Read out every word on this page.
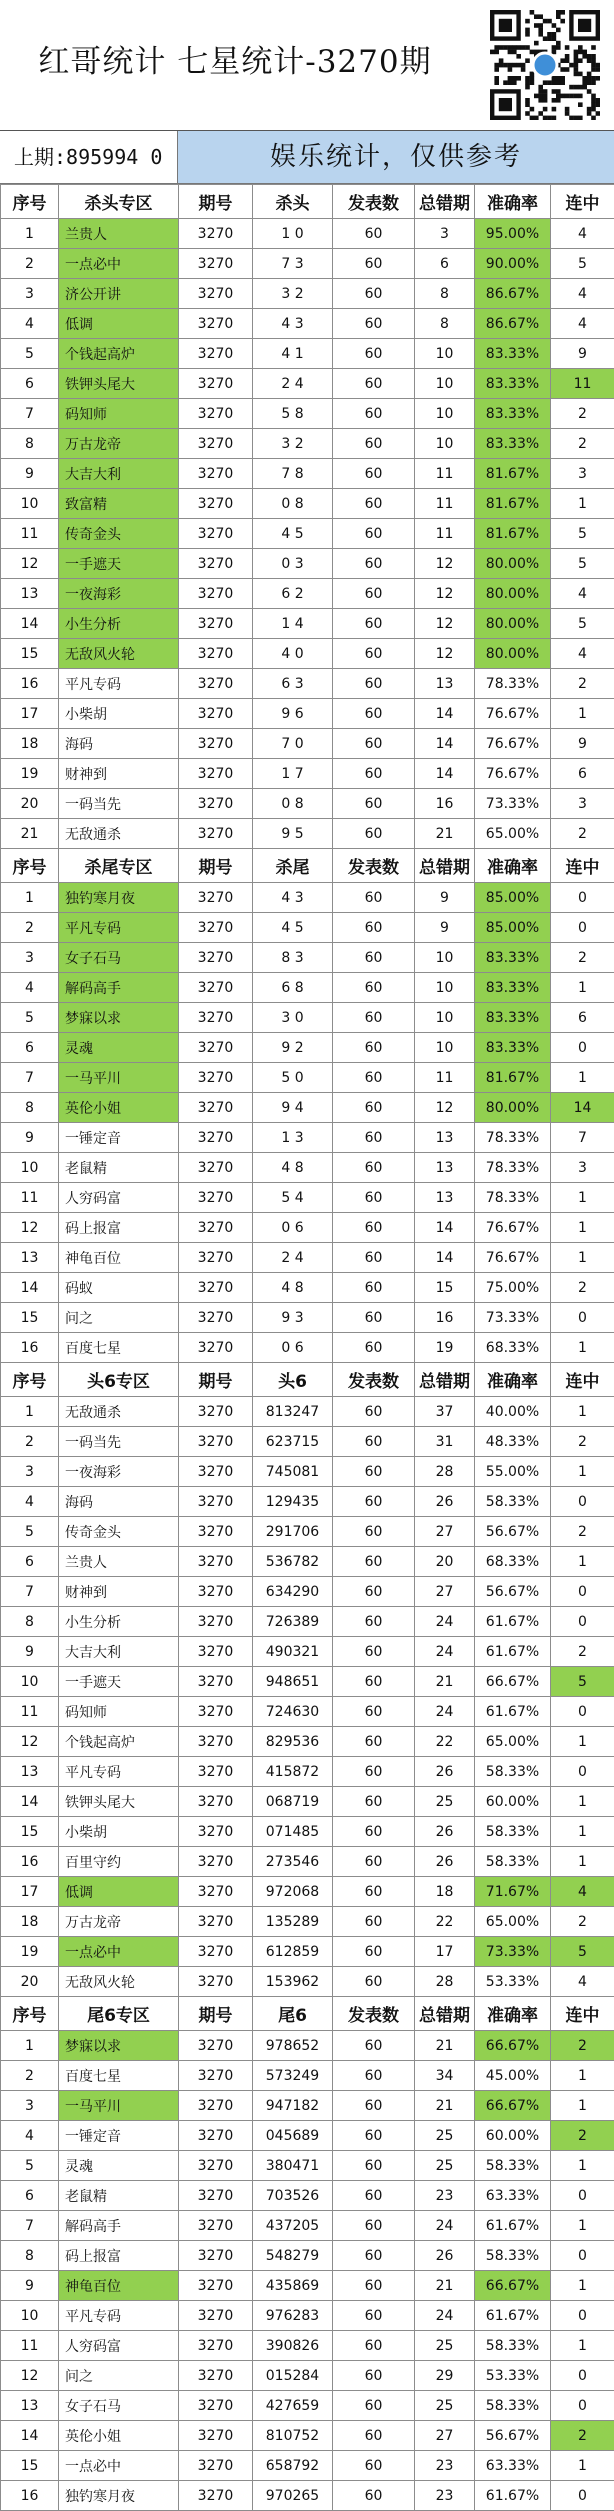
红哥统计 七星统计-3270期
上期:895994 0	娱乐统计，仅供参考
序号	杀头专区	期号	杀头	发表数	总错期	准确率	连中
1	兰贵人	3270	1 0	60	3	95.00%	4
2	一点必中	3270	7 3	60	6	90.00%	5
3	济公开讲	3270	3 2	60	8	86.67%	4
4	低调	3270	4 3	60	8	86.67%	4
5	个钱起高炉	3270	4 1	60	10	83.33%	9
6	铁钾头尾大	3270	2 4	60	10	83.33%	11
7	码知师	3270	5 8	60	10	83.33%	2
8	万古龙帝	3270	3 2	60	10	83.33%	2
9	大吉大利	3270	7 8	60	11	81.67%	3
10	致富精	3270	0 8	60	11	81.67%	1
11	传奇金头	3270	4 5	60	11	81.67%	5
12	一手遮天	3270	0 3	60	12	80.00%	5
13	一夜海彩	3270	6 2	60	12	80.00%	4
14	小生分析	3270	1 4	60	12	80.00%	5
15	无敌风火轮	3270	4 0	60	12	80.00%	4
16	平凡专码	3270	6 3	60	13	78.33%	2
17	小柴胡	3270	9 6	60	14	76.67%	1
18	海码	3270	7 0	60	14	76.67%	9
19	财神到	3270	1 7	60	14	76.67%	6
20	一码当先	3270	0 8	60	16	73.33%	3
21	无敌通杀	3270	9 5	60	21	65.00%	2
序号	杀尾专区	期号	杀尾	发表数	总错期	准确率	连中
1	独钓寒月夜	3270	4 3	60	9	85.00%	0
2	平凡专码	3270	4 5	60	9	85.00%	0
3	女子石马	3270	8 3	60	10	83.33%	2
4	解码高手	3270	6 8	60	10	83.33%	1
5	梦寐以求	3270	3 0	60	10	83.33%	6
6	灵魂	3270	9 2	60	10	83.33%	0
7	一马平川	3270	5 0	60	11	81.67%	1
8	英伦小姐	3270	9 4	60	12	80.00%	14
9	一锤定音	3270	1 3	60	13	78.33%	7
10	老鼠精	3270	4 8	60	13	78.33%	3
11	人穷码富	3270	5 4	60	13	78.33%	1
12	码上报富	3270	0 6	60	14	76.67%	1
13	神龟百位	3270	2 4	60	14	76.67%	1
14	码蚁	3270	4 8	60	15	75.00%	2
15	问之	3270	9 3	60	16	73.33%	0
16	百度七星	3270	0 6	60	19	68.33%	1
序号	头6专区	期号	头6	发表数	总错期	准确率	连中
1	无敌通杀	3270	813247	60	37	40.00%	1
2	一码当先	3270	623715	60	31	48.33%	2
3	一夜海彩	3270	745081	60	28	55.00%	1
4	海码	3270	129435	60	26	58.33%	0
5	传奇金头	3270	291706	60	27	56.67%	2
6	兰贵人	3270	536782	60	20	68.33%	1
7	财神到	3270	634290	60	27	56.67%	0
8	小生分析	3270	726389	60	24	61.67%	0
9	大吉大利	3270	490321	60	24	61.67%	2
10	一手遮天	3270	948651	60	21	66.67%	5
11	码知师	3270	724630	60	24	61.67%	0
12	个钱起高炉	3270	829536	60	22	65.00%	1
13	平凡专码	3270	415872	60	26	58.33%	0
14	铁钾头尾大	3270	068719	60	25	60.00%	1
15	小柴胡	3270	071485	60	26	58.33%	1
16	百里守约	3270	273546	60	26	58.33%	1
17	低调	3270	972068	60	18	71.67%	4
18	万古龙帝	3270	135289	60	22	65.00%	2
19	一点必中	3270	612859	60	17	73.33%	5
20	无敌风火轮	3270	153962	60	28	53.33%	4
序号	尾6专区	期号	尾6	发表数	总错期	准确率	连中
1	梦寐以求	3270	978652	60	21	66.67%	2
2	百度七星	3270	573249	60	34	45.00%	1
3	一马平川	3270	947182	60	21	66.67%	1
4	一锤定音	3270	045689	60	25	60.00%	2
5	灵魂	3270	380471	60	25	58.33%	1
6	老鼠精	3270	703526	60	23	63.33%	0
7	解码高手	3270	437205	60	24	61.67%	1
8	码上报富	3270	548279	60	26	58.33%	0
9	神龟百位	3270	435869	60	21	66.67%	1
10	平凡专码	3270	976283	60	24	61.67%	0
11	人穷码富	3270	390826	60	25	58.33%	1
12	问之	3270	015284	60	29	53.33%	0
13	女子石马	3270	427659	60	25	58.33%	0
14	英伦小姐	3270	810752	60	27	56.67%	2
15	一点必中	3270	658792	60	23	63.33%	1
16	独钓寒月夜	3270	970265	60	23	61.67%	0
